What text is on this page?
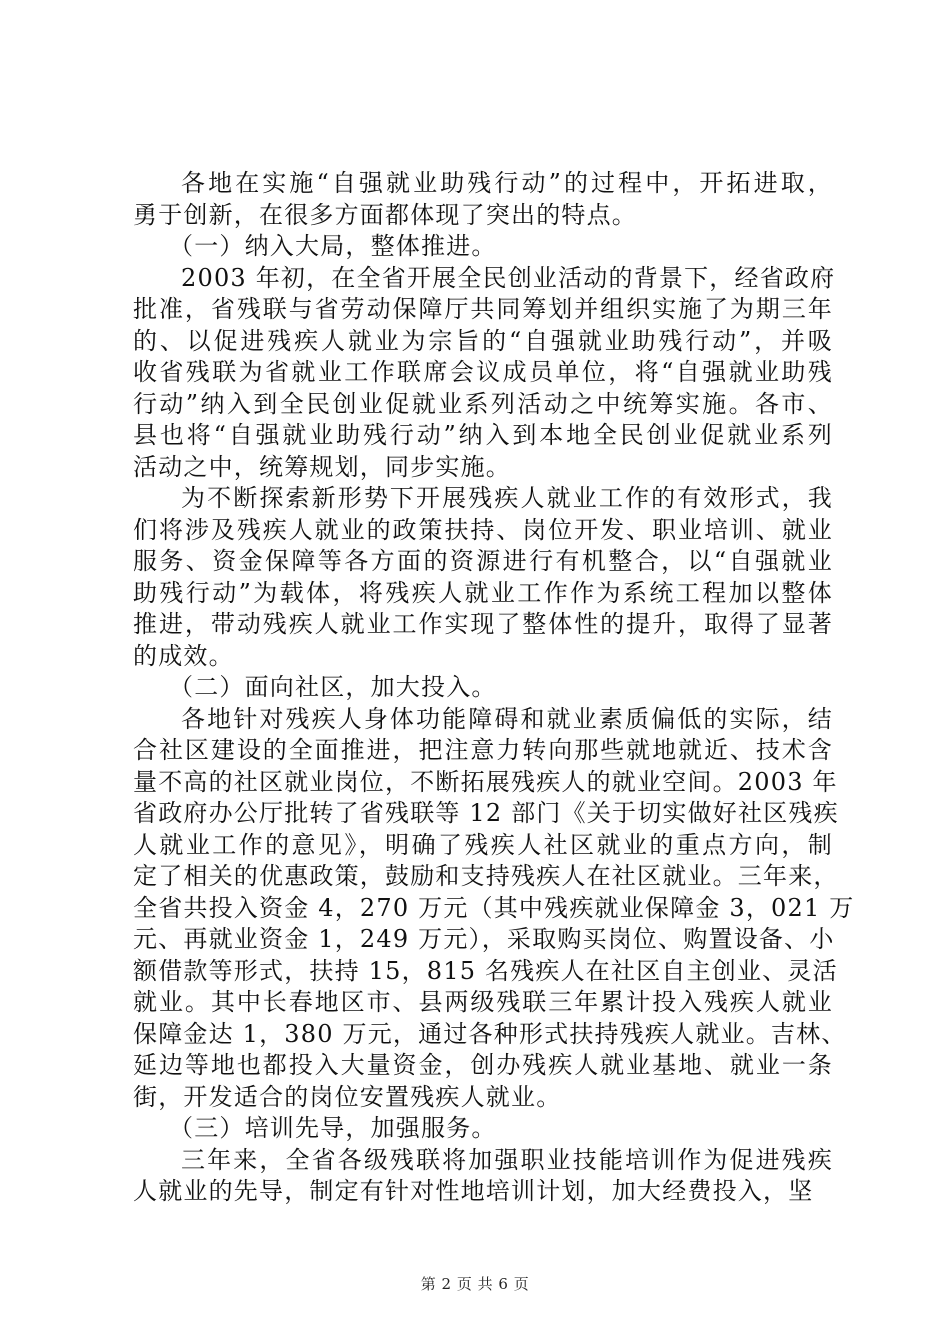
各地在实施“自强就业助残行动”的过程中，开拓进取，
勇于创新，在很多方面都体现了突出的特点。
（一）纳入大局，整体推进。
2003 年初，在全省开展全民创业活动的背景下，经省政府
批准，省残联与省劳动保障厅共同筹划并组织实施了为期三年
的、以促进残疾人就业为宗旨的“自强就业助残行动”，并吸
收省残联为省就业工作联席会议成员单位，将“自强就业助残
行动”纳入到全民创业促就业系列活动之中统筹实施。各市、
县也将“自强就业助残行动”纳入到本地全民创业促就业系列
活动之中，统筹规划，同步实施。
为不断探索新形势下开展残疾人就业工作的有效形式，我
们将涉及残疾人就业的政策扶持、岗位开发、职业培训、就业
服务、资金保障等各方面的资源进行有机整合，以“自强就业
助残行动”为载体，将残疾人就业工作作为系统工程加以整体
推进，带动残疾人就业工作实现了整体性的提升，取得了显著
的成效。
（二）面向社区，加大投入。
各地针对残疾人身体功能障碍和就业素质偏低的实际，结
合社区建设的全面推进，把注意力转向那些就地就近、技术含
量不高的社区就业岗位，不断拓展残疾人的就业空间。2003 年
省政府办公厅批转了省残联等 12 部门《关于切实做好社区残疾
人就业工作的意见》，明确了残疾人社区就业的重点方向，制
定了相关的优惠政策，鼓励和支持残疾人在社区就业。三年来，
全省共投入资金 4，270 万元（其中残疾就业保障金 3，021 万
元、再就业资金 1，249 万元），采取购买岗位、购置设备、小
额借款等形式，扶持 15，815 名残疾人在社区自主创业、灵活
就业。其中长春地区市、县两级残联三年累计投入残疾人就业
保障金达 1，380 万元，通过各种形式扶持残疾人就业。吉林、
延边等地也都投入大量资金，创办残疾人就业基地、就业一条
街，开发适合的岗位安置残疾人就业。
（三）培训先导，加强服务。
三年来，全省各级残联将加强职业技能培训作为促进残疾
人就业的先导，制定有针对性地培训计划，加大经费投入，坚
第 2 页 共 6 页
